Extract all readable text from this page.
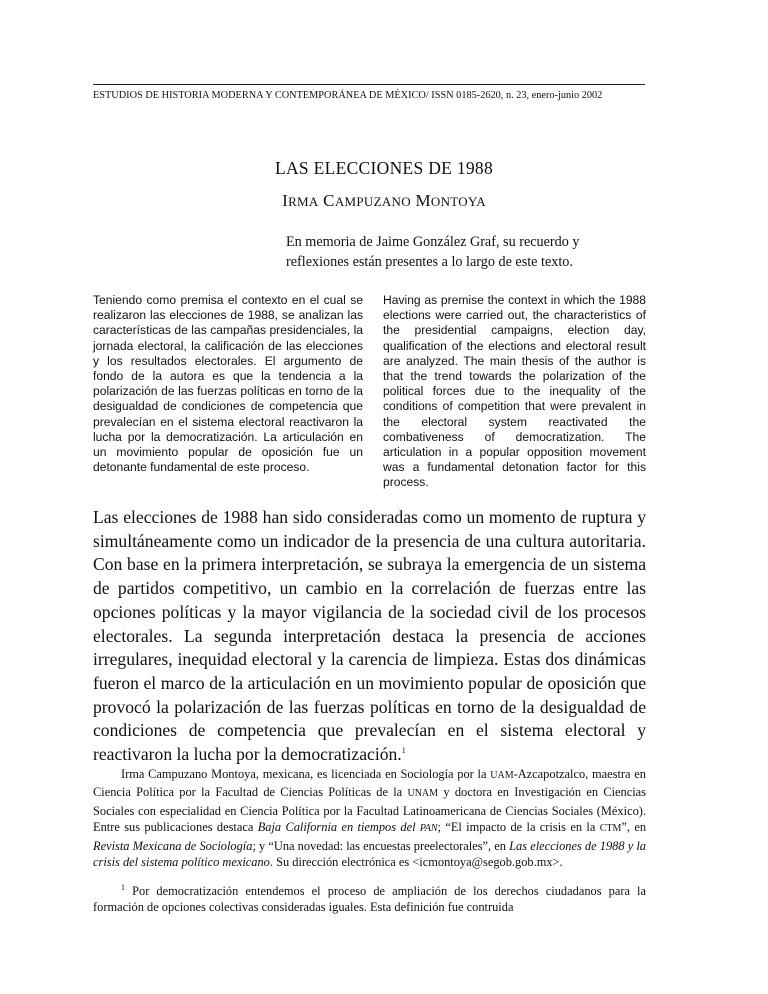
ESTUDIOS DE HISTORIA MODERNA Y CONTEMPORÁNEA DE MÉXICO/ ISSN 0185-2620, n. 23, enero-junio 2002
LAS ELECCIONES DE 1988
IRMA CAMPUZANO MONTOYA
En memoria de Jaime González Graf, su recuerdo y reflexiones están presentes a lo largo de este texto.
Teniendo como premisa el contexto en el cual se realizaron las elecciones de 1988, se analizan las características de las campañas presidenciales, la jornada electoral, la calificación de las elecciones y los resultados electorales. El argumento de fondo de la autora es que la tendencia a la polarización de las fuerzas políticas en torno de la desigualdad de condiciones de competencia que prevalecían en el sistema electoral reactivaron la lucha por la democratización. La articulación en un movimiento popular de oposición fue un detonante fundamental de este proceso.
Having as premise the context in which the 1988 elections were carried out, the characteristics of the presidential campaigns, election day, qualification of the elections and electoral result are analyzed. The main thesis of the author is that the trend towards the polarization of the political forces due to the inequality of the conditions of competition that were prevalent in the electoral system reactivated the combativeness of democratization. The articulation in a popular opposition movement was a fundamental detonation factor for this process.
Las elecciones de 1988 han sido consideradas como un momento de ruptura y simultáneamente como un indicador de la presencia de una cultura autoritaria. Con base en la primera interpretación, se subraya la emergencia de un sistema de partidos competitivo, un cambio en la correlación de fuerzas entre las opciones políticas y la mayor vigilancia de la sociedad civil de los procesos electorales. La segunda interpretación destaca la presencia de acciones irregulares, inequidad electoral y la carencia de limpieza. Estas dos dinámicas fueron el marco de la articulación en un movimiento popular de oposición que provocó la polarización de las fuerzas políticas en torno de la desigualdad de condiciones de competencia que prevalecían en el sistema electoral y reactivaron la lucha por la democratización.$^1$
Irma Campuzano Montoya, mexicana, es licenciada en Sociología por la UAM-Azcapotzalco, maestra en Ciencia Política por la Facultad de Ciencias Políticas de la UNAM y doctora en Investigación en Ciencias Sociales con especialidad en Ciencia Política por la Facultad Latinoamericana de Ciencias Sociales (México). Entre sus publicaciones destaca Baja California en tiempos del PAN; “El impacto de la crisis en la CTM”, en Revista Mexicana de Sociología; y “Una novedad: las encuestas preelectorales”, en Las elecciones de 1988 y la crisis del sistema político mexicano. Su dirección electrónica es <icmontoya@segob.gob.mx>.
$^1$ Por democratización entendemos el proceso de ampliación de los derechos ciudadanos para la formación de opciones colectivas consideradas iguales. Esta definición fue contruida
